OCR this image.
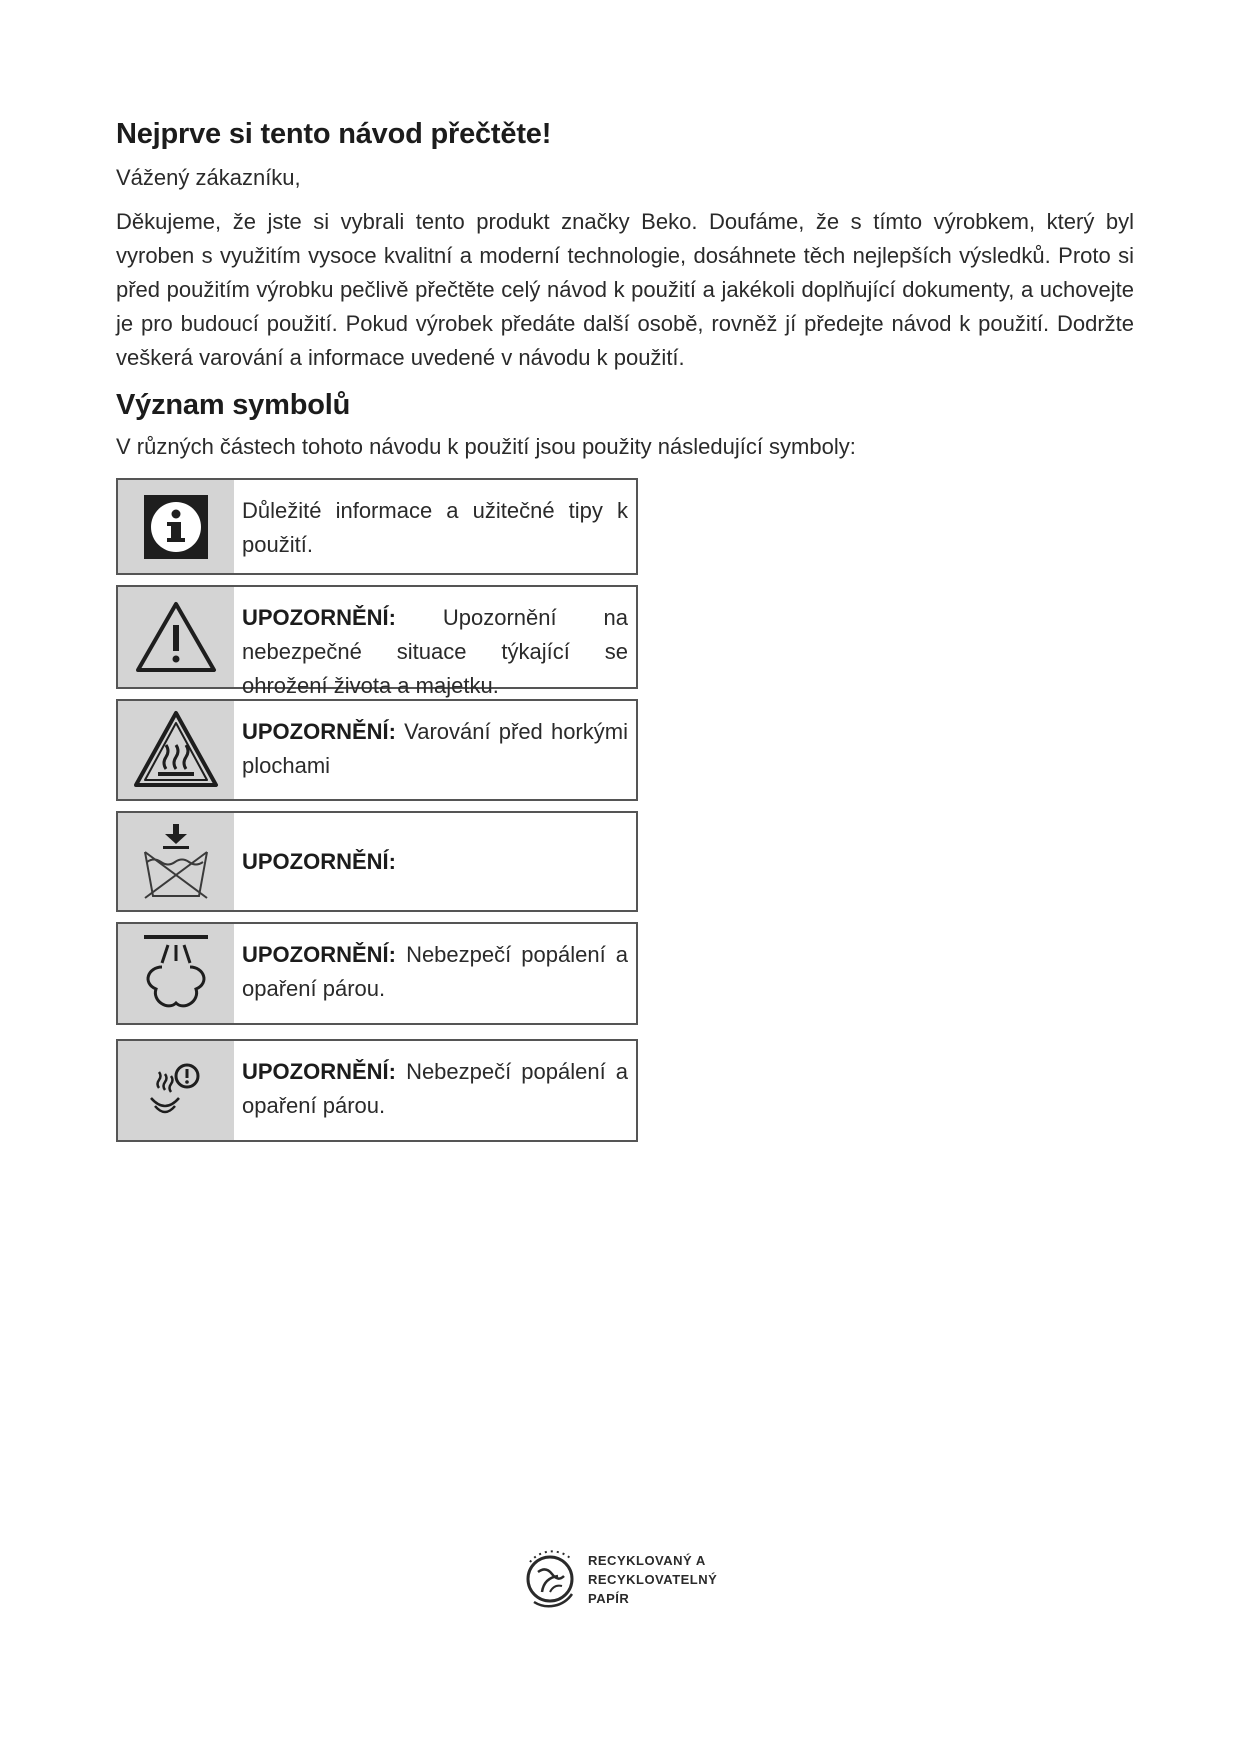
Nejprve si tento návod přečtěte!

Vážený zákazníku,

Děkujeme, že jste si vybrali tento produkt značky Beko. Doufáme, že s tímto výrobkem, který byl vyroben s využitím vysoce kvalitní a moderní technologie, dosáhnete těch nejlepších výsledků. Proto si před použitím výrobku pečlivě přečtěte celý návod k použití a jakékoli doplňující dokumenty, a uchovejte je pro budoucí použití. Pokud výrobek předáte další osobě, rovněž jí předejte návod k použití. Dodržte veškerá varování a informace uvedené v návodu k použití.

Význam symbolů

V různých částech tohoto návodu k použití jsou použity následující symboly:

Důležité informace a užitečné tipy k použití.
UPOZORNĚNÍ: Upozornění na nebezpečné situace týkající se ohrožení života a majetku.
UPOZORNĚNÍ: Varování před horkými plochami
UPOZORNĚNÍ:
UPOZORNĚNÍ: Nebezpečí popálení a opaření párou.
UPOZORNĚNÍ: Nebezpečí popálení a opaření párou.
RECYKLOVANÝ A
RECYKLOVATELNÝ
PAPÍR
